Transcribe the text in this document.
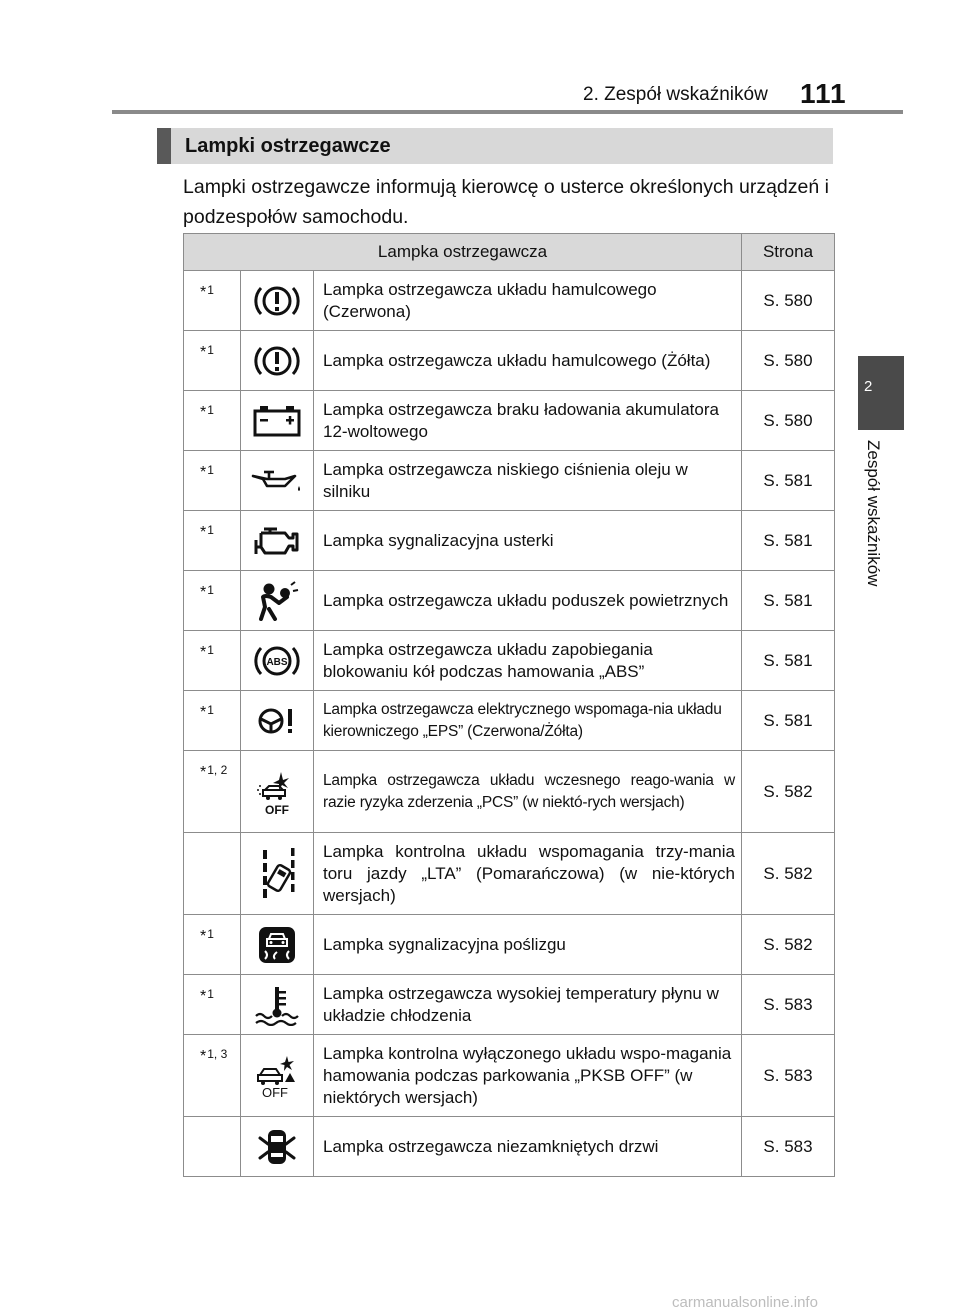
2. Zespół wskaźników 111
2
Zespół wskaźników
Lampki ostrzegawcze
Lampki ostrzegawcze informują kierowcę o usterce określonych urządzeń i podzespołów samochodu.
Lampka ostrzegawcza			Strona
*1		Lampka ostrzegawcza układu hamulcowego (Czerwona)	S. 580
*1		Lampka ostrzegawcza układu hamulcowego (Żółta)	S. 580
*1		Lampka ostrzegawcza braku ładowania akumulatora 12-woltowego	S. 580
*1		Lampka ostrzegawcza niskiego ciśnienia oleju w silniku	S. 581
*1		Lampka sygnalizacyjna usterki	S. 581
*1		Lampka ostrzegawcza układu poduszek powietrznych	S. 581
*1	ABS	Lampka ostrzegawcza układu zapobiegania blokowaniu kół podczas hamowania „ABS”	S. 581
*1		Lampka ostrzegawcza elektrycznego wspomaga-nia układu kierowniczego „EPS” (Czerwona/Żółta)	S. 581
*1, 2	OFF	Lampka ostrzegawcza układu wczesnego reago-wania w razie ryzyka zderzenia „PCS” (w niektó-rych wersjach)	S. 582

	Lampka kontrolna układu wspomagania trzy-mania toru jazdy „LTA” (Pomarańczowa) (w nie-których wersjach)	S. 582
*1		Lampka sygnalizacyjna poślizgu	S. 582
*1		Lampka ostrzegawcza wysokiej temperatury płynu w układzie chłodzenia	S. 583
*1, 3	OFF	Lampka kontrolna wyłączonego układu wspo-magania hamowania podczas parkowania „PKSB OFF” (w niektórych wersjach)	S. 583

	Lampka ostrzegawcza niezamkniętych drzwi	S. 583
carmanualsonline.info
